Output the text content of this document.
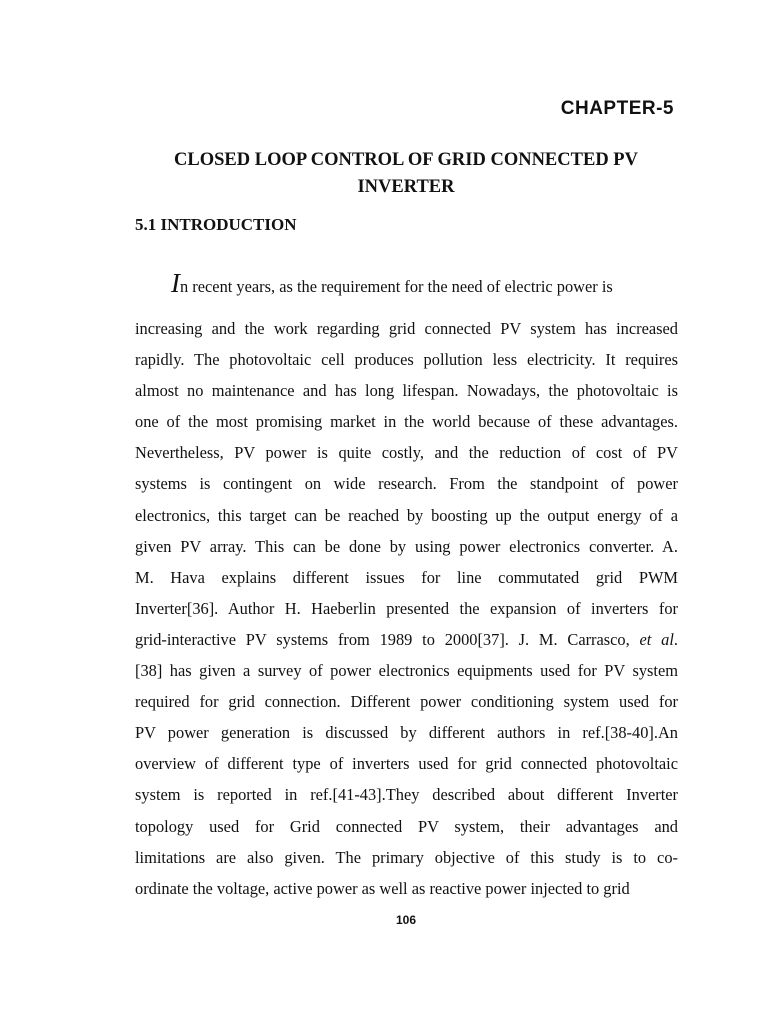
CHAPTER-5
CLOSED LOOP CONTROL OF GRID CONNECTED PV INVERTER
5.1 INTRODUCTION
In recent years, as the requirement for the need of electric power is
increasing and the work regarding grid connected PV system has increased
rapidly. The photovoltaic cell produces pollution less electricity. It requires
almost no maintenance and has long lifespan. Nowadays, the photovoltaic is
one of the most promising market in the world because of these advantages.
Nevertheless, PV power is quite costly, and the reduction of cost of PV
systems is contingent on wide research. From the standpoint of power
electronics, this target can be reached by boosting up the output energy of a
given PV array. This can be done by using power electronics converter. A.
M. Hava explains different issues for line commutated grid PWM
Inverter[36]. Author H. Haeberlin presented the expansion of inverters for
grid-interactive PV systems from 1989 to 2000[37]. J. M. Carrasco, et al.
[38] has given a survey of power electronics equipments used for PV system
required for grid connection. Different power conditioning system used for
PV power generation is discussed by different authors in ref.[38-40].An
overview of different type of inverters used for grid connected photovoltaic
system is reported in ref.[41-43].They described about different Inverter
topology used for Grid connected PV system, their advantages and
limitations are also given. The primary objective of this study is to co-
ordinate the voltage, active power as well as reactive power injected to grid
106
